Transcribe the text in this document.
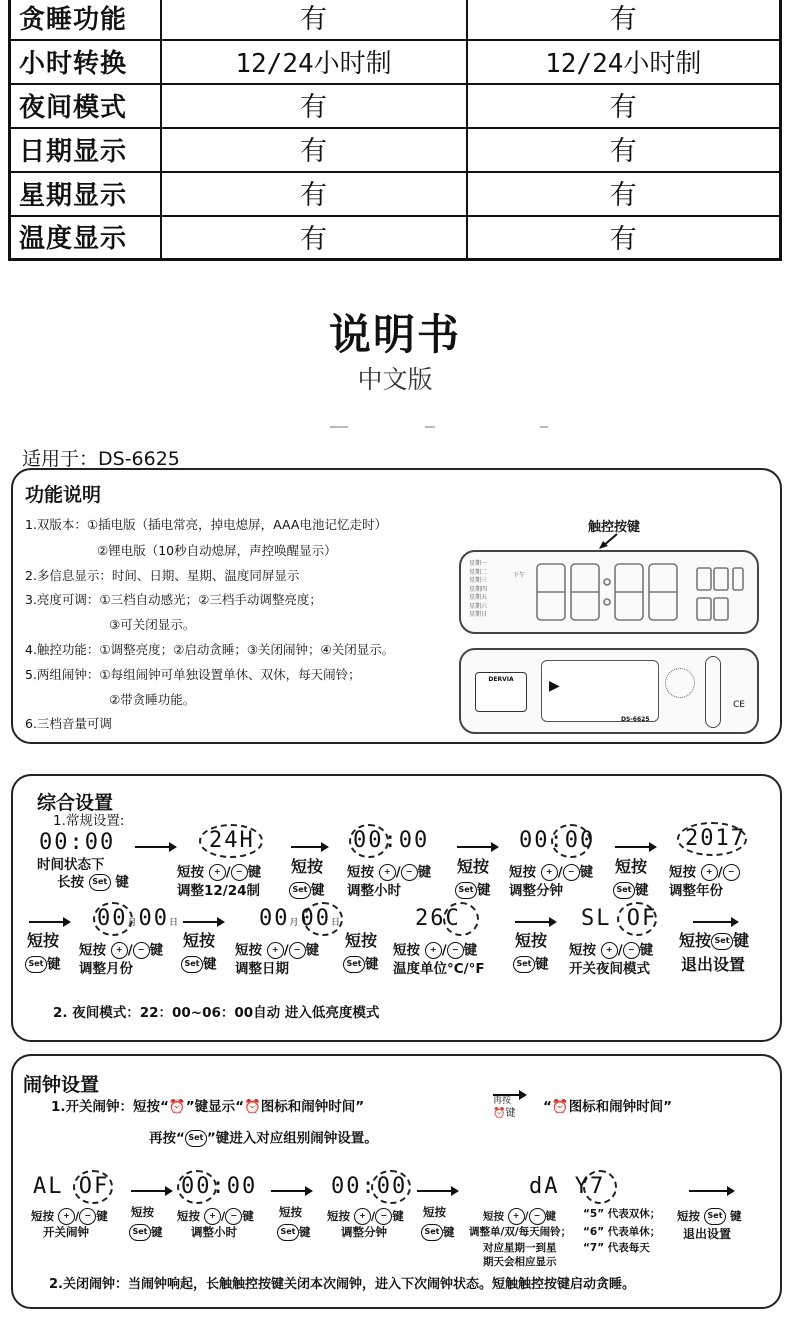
贪睡功能	有	有
小时转换	12/24小时制	12/24小时制
夜间模式	有	有
日期显示	有	有
星期显示	有	有
温度显示	有	有
说明书
中文版
适用于：DS-6625
功能说明
1.双版本：①插电版（插电常亮，掉电熄屏，AAA电池记忆走时）
②锂电版（10秒自动熄屏，声控唤醒显示）
2.多信息显示：时间、日期、星期、温度同屏显示
3.亮度可调：①三档自动感光；②三档手动调整亮度；
③可关闭显示。
4.触控功能：①调整亮度；②启动贪睡；③关闭闹钟；④关闭显示。
5.两组闹钟：①每组闹钟可单独设置单休、双休，每天闹铃；
②带贪睡功能。
6.三档音量可调
触控按键
星期一
星期二
星期三
星期四
星期五
星期六
星期日
下午
▶
DERVIA
DS-6625
CE
综合设置
1.常规设置:
00:00
时间状态下
长按 Set 键
24H
短按 + / − 键
调整12/24制
短按
Set 键
00:00
短按 + / − 键
调整小时
短按
Set 键
00:00
短按 + / − 键
调整分钟
短按
Set 键
2017
短按 + / −
调整年份
短按
Set 键
00月00日
短按 + / − 键
调整月份
短按
Set 键
00月00日
短按 + / − 键
调整日期
短按
Set 键
26C
短按 + / − 键
温度单位°C/°F
短按
Set 键
SL OF
短按 + / − 键
开关夜间模式
短按 Set 键
退出设置
2. 夜间模式：22：00~06：00自动 进入低亮度模式
闹钟设置
1.开关闹钟：短按“⏰”键显示“⏰图标和闹钟时间”	再按
⏰键 “⏰图标和闹钟时间”
再按“ Set ”键进入对应组别闹钟设置。
AL OF
短按 + / − 键
开关闹钟
短按
Set 键
00:00
短按 + / − 键
调整小时
短按
Set 键
00:00
短按 + / − 键
调整分钟
短按
Set 键
dA Y7
短按 + / − 键
调整单/双/每天闹铃；
对应星期一到星
期天会相应显示
“5” 代表双休；
“6” 代表单休；
“7” 代表每天
短按 Set 键
退出设置
2.关闭闹钟：当闹钟响起，长触触控按键关闭本次闹钟，进入下次闹钟状态。短触触控按键启动贪睡。
